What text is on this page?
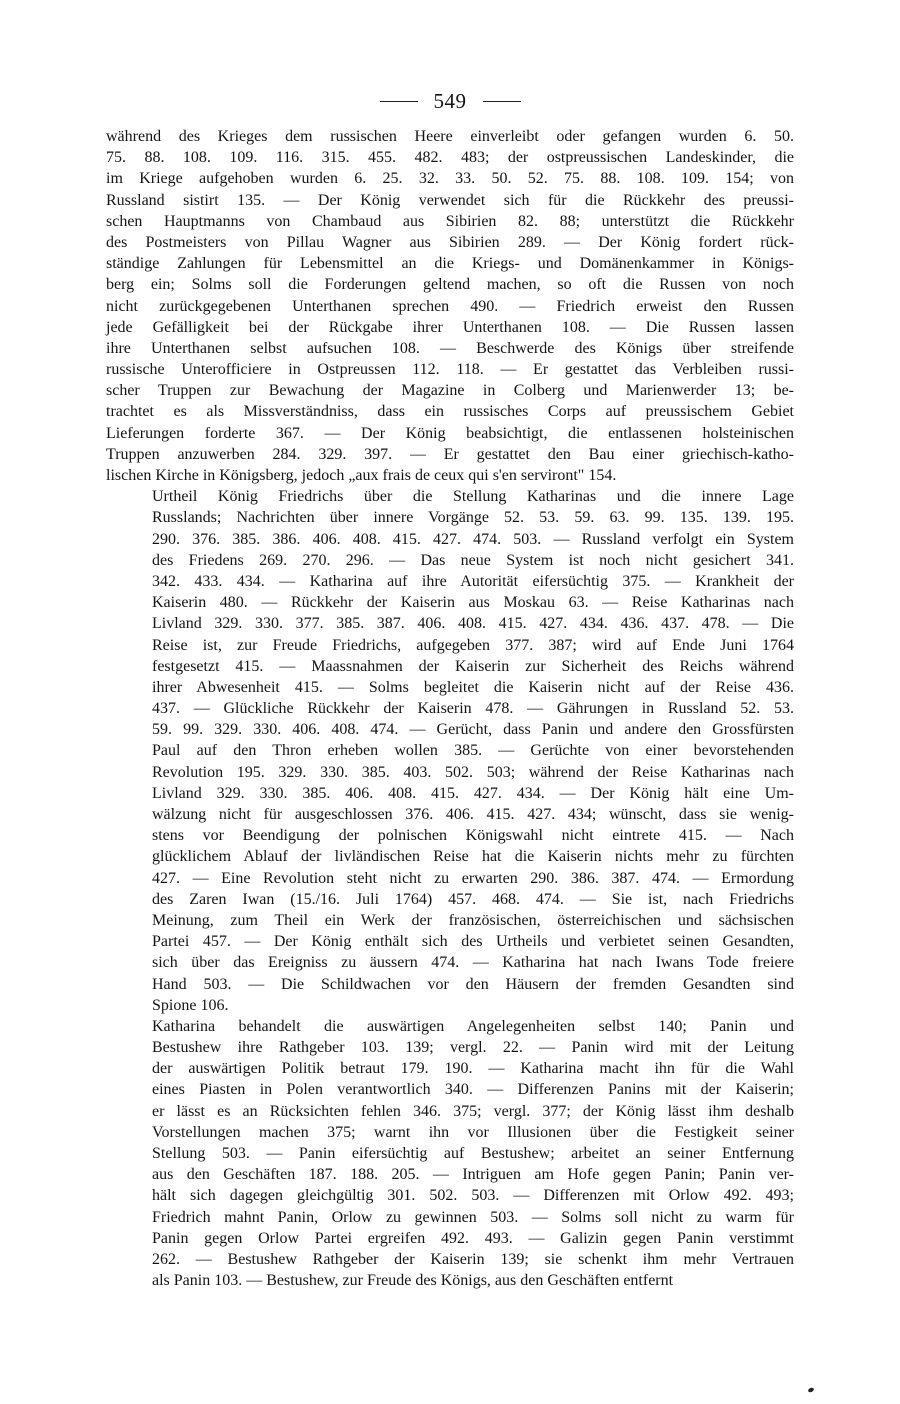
549

während des Krieges dem russischen Heere einverleibt oder gefangen wurden 6. 50.
75. 88. 108. 109. 116. 315. 455. 482. 483; der ostpreussischen Landeskinder, die
im Kriege aufgehoben wurden 6. 25. 32. 33. 50. 52. 75. 88. 108. 109. 154; von
Russland sistirt 135. — Der König verwendet sich für die Rückkehr des preussi-
schen Hauptmanns von Chambaud aus Sibirien 82. 88; unterstützt die Rückkehr
des Postmeisters von Pillau Wagner aus Sibirien 289. — Der König fordert rück-
ständige Zahlungen für Lebensmittel an die Kriegs- und Domänenkammer in Königs-
berg ein; Solms soll die Forderungen geltend machen, so oft die Russen von noch
nicht zurückgegebenen Unterthanen sprechen 490. — Friedrich erweist den Russen
jede Gefälligkeit bei der Rückgabe ihrer Unterthanen 108. — Die Russen lassen
ihre Unterthanen selbst aufsuchen 108. — Beschwerde des Königs über streifende
russische Unterofficiere in Ostpreussen 112. 118. — Er gestattet das Verbleiben russi-
scher Truppen zur Bewachung der Magazine in Colberg und Marienwerder 13; be-
trachtet es als Missverständniss, dass ein russisches Corps auf preussischem Gebiet
Lieferungen forderte 367. — Der König beabsichtigt, die entlassenen holsteinischen
Truppen anzuwerben 284. 329. 397. — Er gestattet den Bau einer griechisch-katho-
lischen Kirche in Königsberg, jedoch „aux frais de ceux qui s'en serviront" 154.

Urtheil König Friedrichs über die Stellung Katharinas und die innere Lage
Russlands; Nachrichten über innere Vorgänge 52. 53. 59. 63. 99. 135. 139. 195.
290. 376. 385. 386. 406. 408. 415. 427. 474. 503. — Russland verfolgt ein System
des Friedens 269. 270. 296. — Das neue System ist noch nicht gesichert 341.
342. 433. 434. — Katharina auf ihre Autorität eifersüchtig 375. — Krankheit der
Kaiserin 480. — Rückkehr der Kaiserin aus Moskau 63. — Reise Katharinas nach
Livland 329. 330. 377. 385. 387. 406. 408. 415. 427. 434. 436. 437. 478. — Die
Reise ist, zur Freude Friedrichs, aufgegeben 377. 387; wird auf Ende Juni 1764
festgesetzt 415. — Maassnahmen der Kaiserin zur Sicherheit des Reichs während
ihrer Abwesenheit 415. — Solms begleitet die Kaiserin nicht auf der Reise 436.
437. — Glückliche Rückkehr der Kaiserin 478. — Gährungen in Russland 52. 53.
59. 99. 329. 330. 406. 408. 474. — Gerücht, dass Panin und andere den Grossfürsten
Paul auf den Thron erheben wollen 385. — Gerüchte von einer bevorstehenden
Revolution 195. 329. 330. 385. 403. 502. 503; während der Reise Katharinas nach
Livland 329. 330. 385. 406. 408. 415. 427. 434. — Der König hält eine Um-
wälzung nicht für ausgeschlossen 376. 406. 415. 427. 434; wünscht, dass sie wenig-
stens vor Beendigung der polnischen Königswahl nicht eintrete 415. — Nach
glücklichem Ablauf der livländischen Reise hat die Kaiserin nichts mehr zu fürchten
427. — Eine Revolution steht nicht zu erwarten 290. 386. 387. 474. — Ermordung
des Zaren Iwan (15./16. Juli 1764) 457. 468. 474. — Sie ist, nach Friedrichs
Meinung, zum Theil ein Werk der französischen, österreichischen und sächsischen
Partei 457. — Der König enthält sich des Urtheils und verbietet seinen Gesandten,
sich über das Ereigniss zu äussern 474. — Katharina hat nach Iwans Tode freiere
Hand 503. — Die Schildwachen vor den Häusern der fremden Gesandten sind
Spione 106.

Katharina behandelt die auswärtigen Angelegenheiten selbst 140; Panin und
Bestushew ihre Rathgeber 103. 139; vergl. 22. — Panin wird mit der Leitung
der auswärtigen Politik betraut 179. 190. — Katharina macht ihn für die Wahl
eines Piasten in Polen verantwortlich 340. — Differenzen Panins mit der Kaiserin;
er lässt es an Rücksichten fehlen 346. 375; vergl. 377; der König lässt ihm deshalb
Vorstellungen machen 375; warnt ihn vor Illusionen über die Festigkeit seiner
Stellung 503. — Panin eifersüchtig auf Bestushew; arbeitet an seiner Entfernung
aus den Geschäften 187. 188. 205. — Intriguen am Hofe gegen Panin; Panin ver-
hält sich dagegen gleichgültig 301. 502. 503. — Differenzen mit Orlow 492. 493;
Friedrich mahnt Panin, Orlow zu gewinnen 503. — Solms soll nicht zu warm für
Panin gegen Orlow Partei ergreifen 492. 493. — Galizin gegen Panin verstimmt
262. — Bestushew Rathgeber der Kaiserin 139; sie schenkt ihm mehr Vertrauen
als Panin 103. — Bestushew, zur Freude des Königs, aus den Geschäften entfernt
